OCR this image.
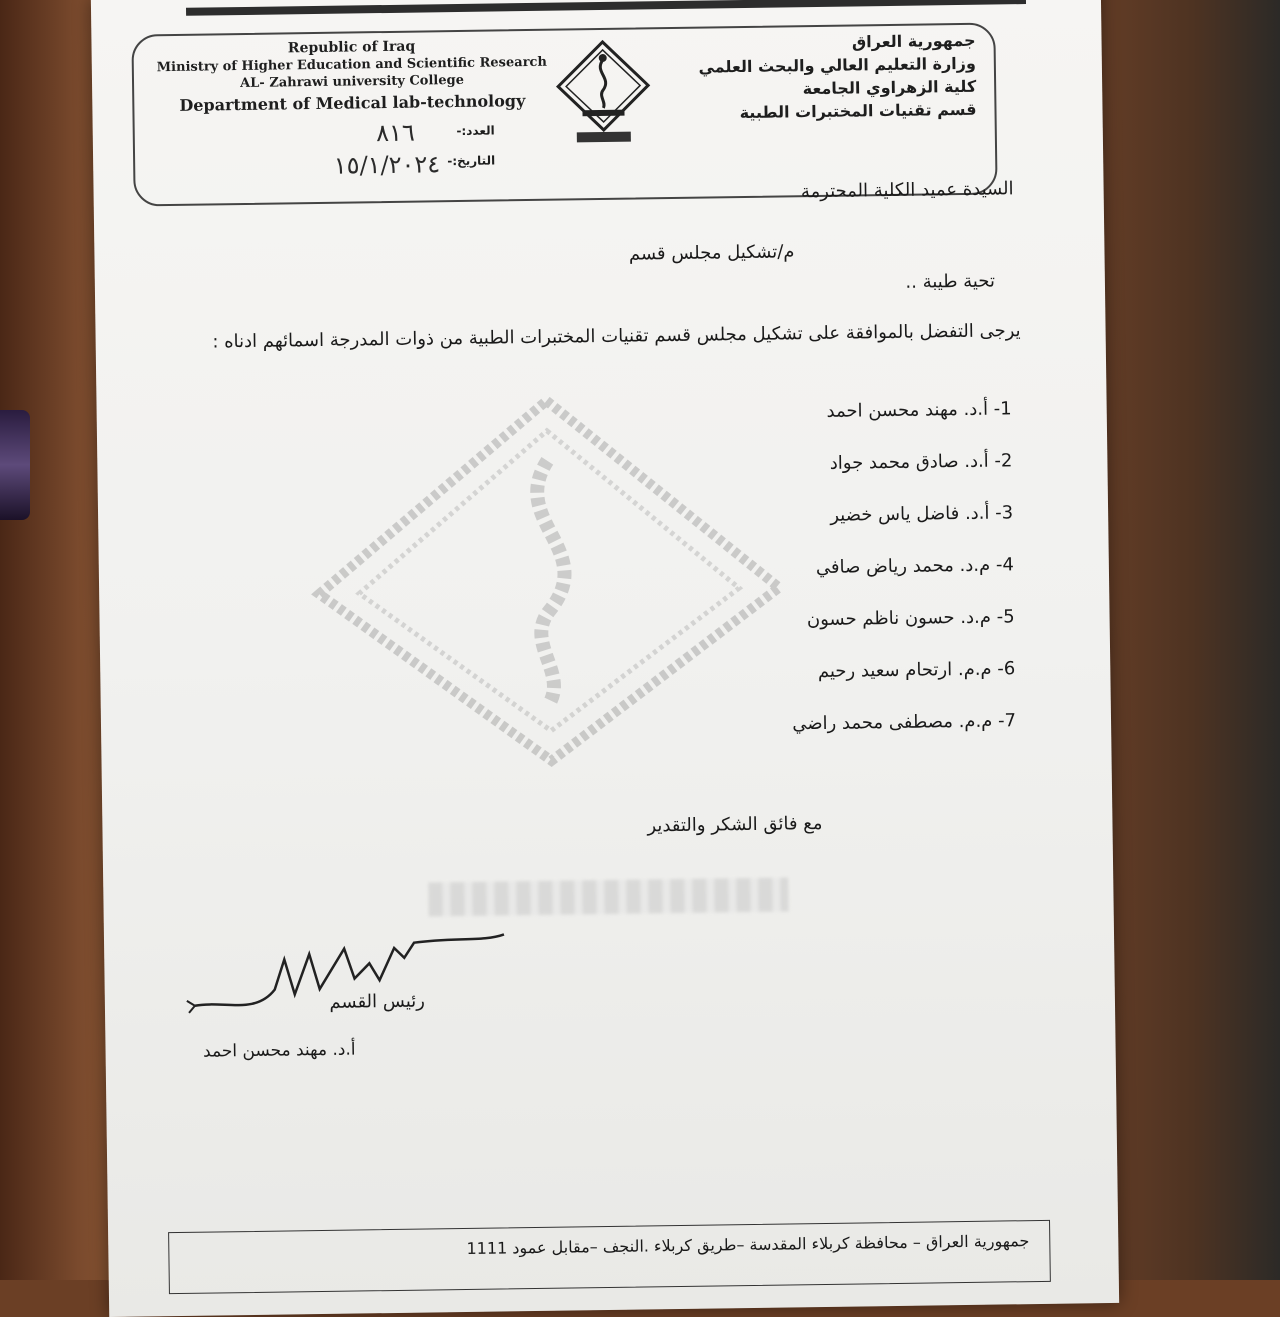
Republic of Iraq
Ministry of Higher Education and Scientific Research
AL- Zahrawi university College
Department of Medical lab-technology
جمهورية العراق
وزارة التعليم العالي والبحث العلمي
كلية الزهراوي الجامعة
قسم تقنيات المختبرات الطبية
العدد:-
٨١٦
التاريخ:-
١٥/١/٢٠٢٤
السيدة عميد الكلية المحترمة
م/تشكيل مجلس قسم
تحية طيبة ..
يرجى التفضل بالموافقة على تشكيل مجلس قسم تقنيات المختبرات الطبية من ذوات المدرجة اسمائهم ادناه :
1- أ.د. مهند محسن احمد
2- أ.د. صادق محمد جواد
3- أ.د. فاضل ياس خضير
4- م.د. محمد رياض صافي
5- م.د. حسون ناظم حسون
6- م.م. ارتحام سعيد رحيم
7- م.م. مصطفى محمد راضي
مع فائق الشكر والتقدير
رئيس القسم
أ.د. مهند محسن احمد
جمهورية العراق – محافظة كربلاء المقدسة –طريق كربلاء .النجف –مقابل عمود 1111
